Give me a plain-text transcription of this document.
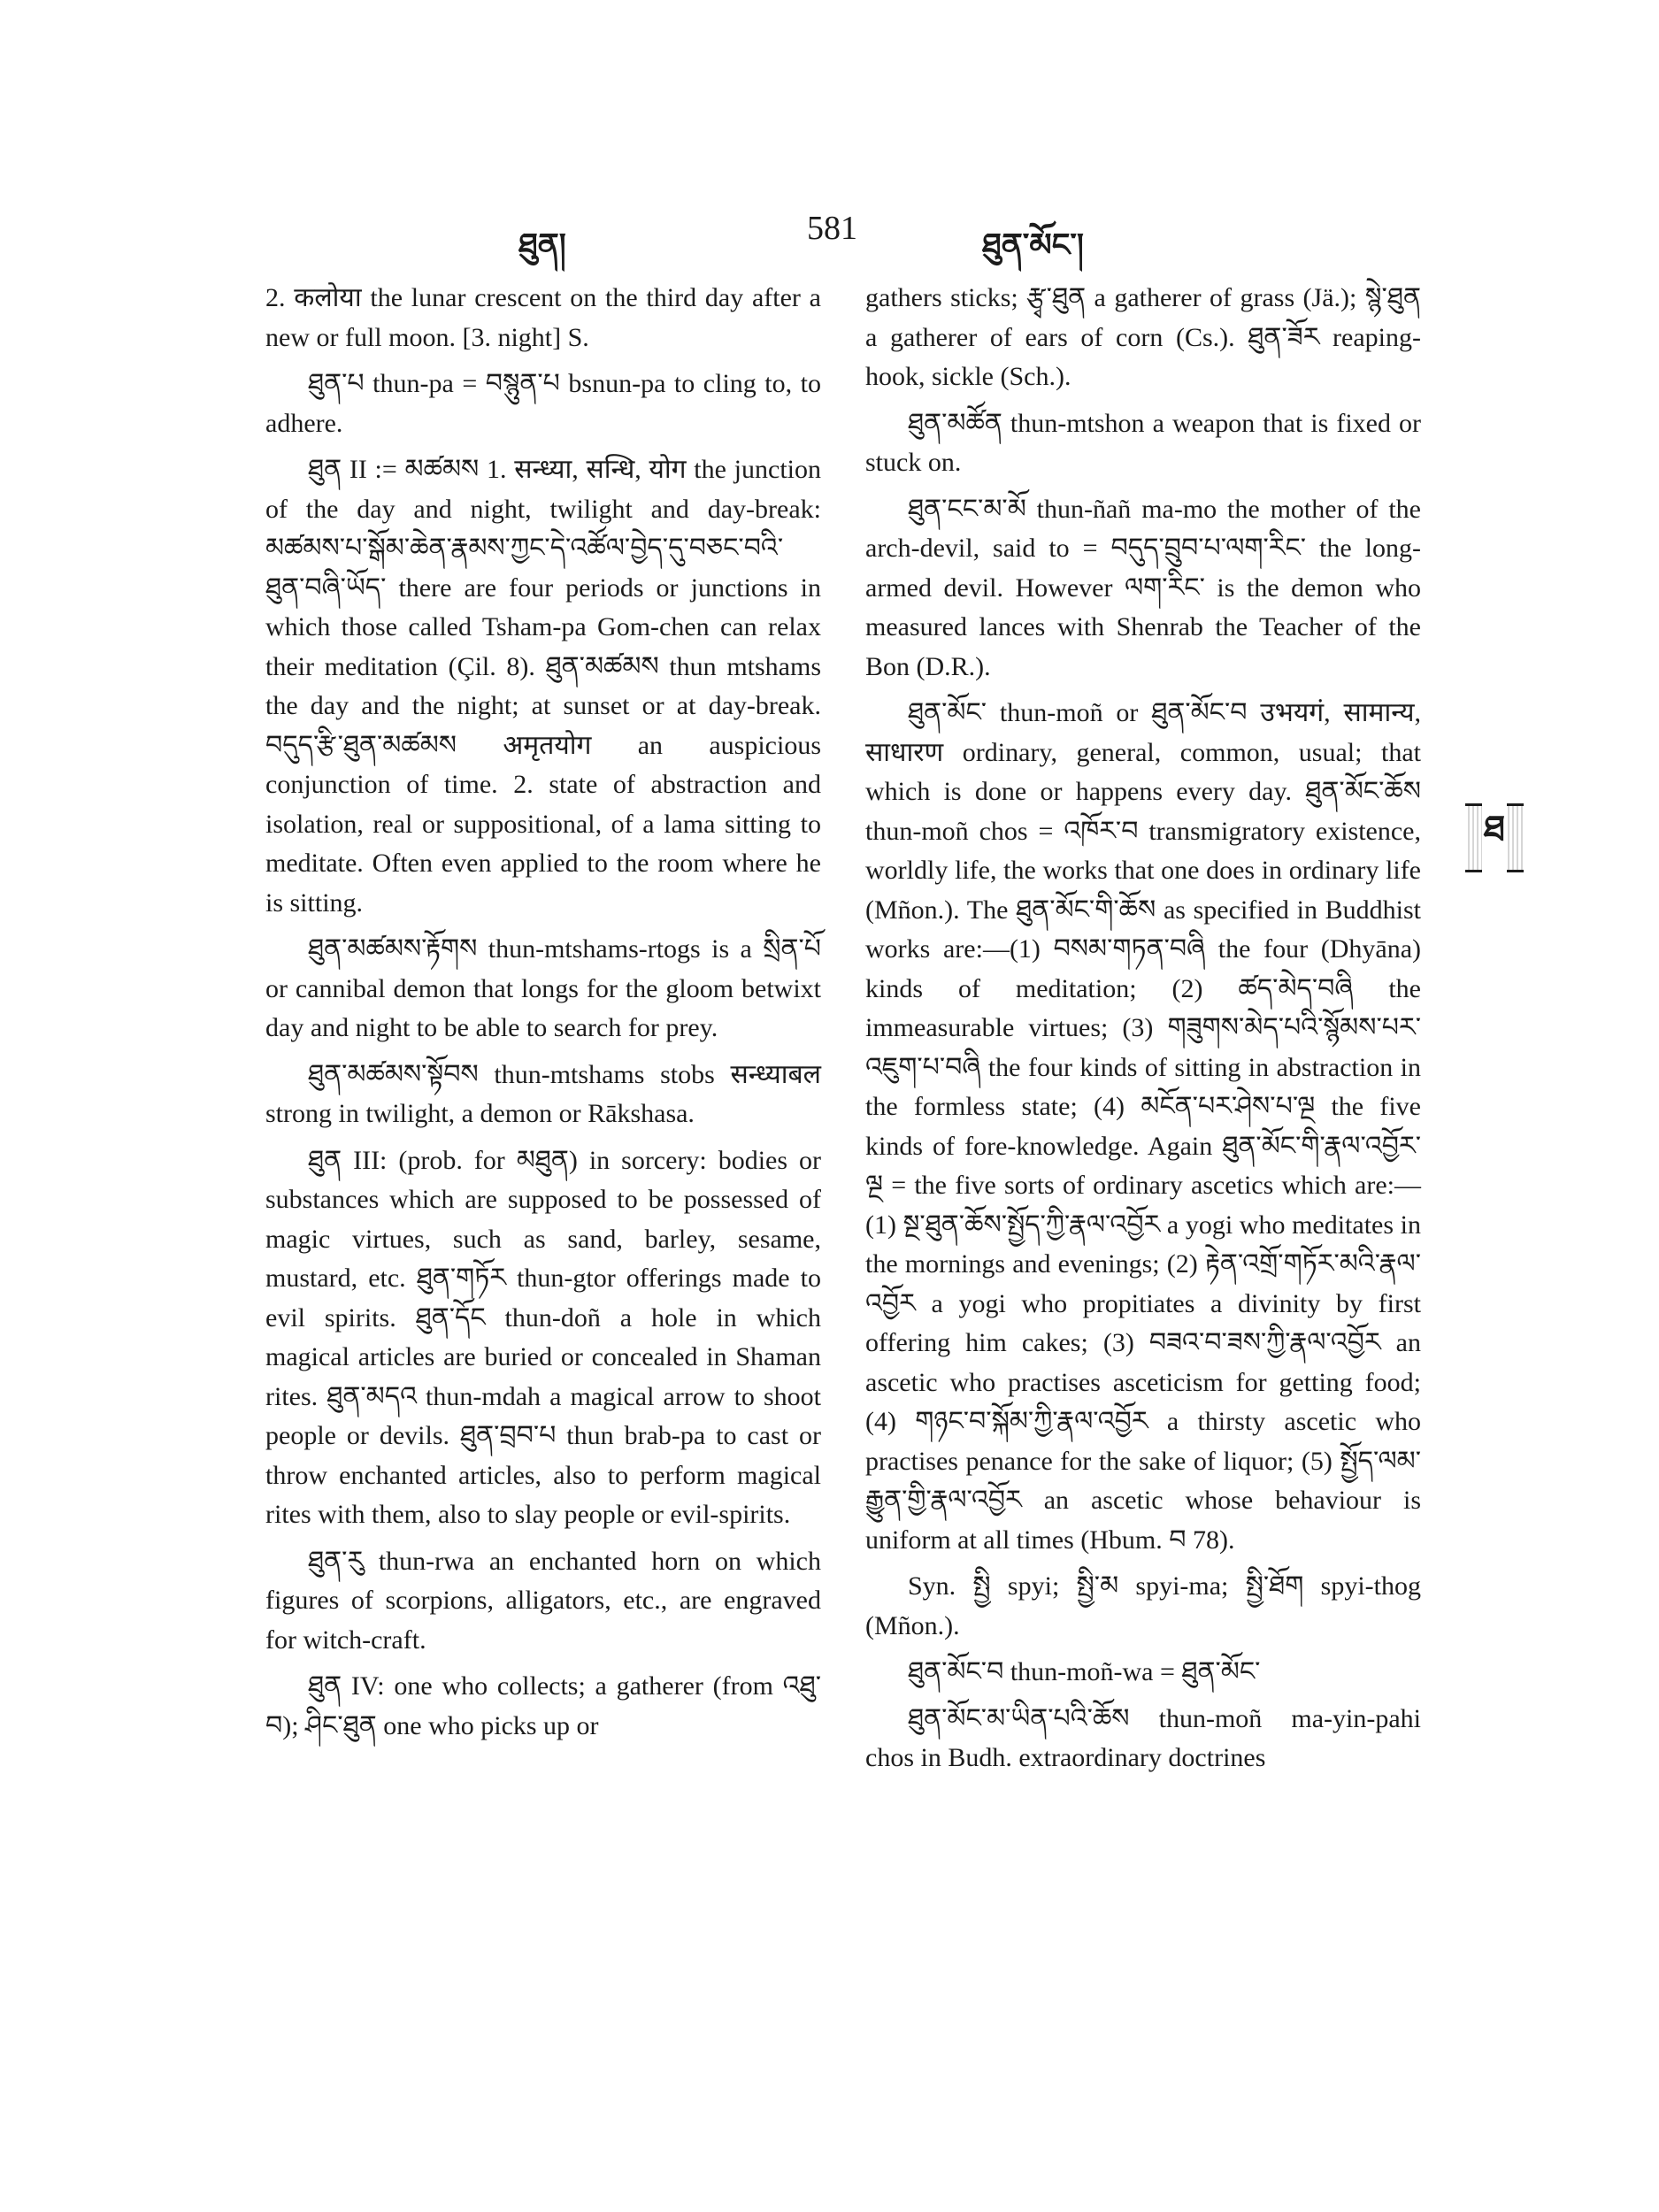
ཐུན།	581	ཐུན་མོང་།

2. कलोया the lunar crescent on the third day after a new or full moon. [3. night] S.

ཐུན་པ thun-pa = བསྙུན་པ bsnun-pa to cling to, to adhere.

ཐུན II := མཚམས 1. सन्ध्या, सन्धि, योग the junction of the day and night, twilight and day-break: མཚམས་པ་སྒོམ་ཆེན་རྣམས་ཀྱང་དེ་འཚོལ་བྱེད་དུ་བཅང་བའི་ཐུན་བཞི་ཡོད་ there are four periods or junctions in which those called Tsham-pa Gom-chen can relax their meditation (Çil. 8). ཐུན་མཚམས thun mtshams the day and the night; at sunset or at day-break. བདུད་རྩི་ཐུན་མཚམས अमृतयोग an auspicious conjunction of time. 2. state of abstraction and isolation, real or suppositional, of a lama sitting to meditate. Often even applied to the room where he is sitting.

ཐུན་མཚམས་རྟོགས thun-mtshams-rtogs is a སྲིན་པོ or cannibal demon that longs for the gloom betwixt day and night to be able to search for prey.

ཐུན་མཚམས་སྟོབས thun-mtshams stobs सन्ध्याबल strong in twilight, a demon or Rākshasa.

ཐུན III: (prob. for མཐུན) in sorcery: bodies or substances which are supposed to be possessed of magic virtues, such as sand, barley, sesame, mustard, etc. ཐུན་གཏོར thun-gtor offerings made to evil spirits. ཐུན་དོང thun-doñ a hole in which magical articles are buried or concealed in Shaman rites. ཐུན་མདའ thun-mdah a magical arrow to shoot people or devils. ཐུན་བྲབ་པ thun brab-pa to cast or throw enchanted articles, also to perform magical rites with them, also to slay people or evil-spirits.

ཐུན་རུ thun-rwa an enchanted horn on which figures of scorpions, alligators, etc., are engraved for witch-craft.

ཐུན IV: one who collects; a gatherer (from འཐུ་བ); ཤིང་ཐུན one who picks up or

gathers sticks; རྩྭ་ཐུན a gatherer of grass (Jä.); སྙེ་ཐུན a gatherer of ears of corn (Cs.). ཐུན་ཟོར reaping-hook, sickle (Sch.).

ཐུན་མཚོན thun-mtshon a weapon that is fixed or stuck on.

ཐུན་ངང་མ་མོ thun-ñañ ma-mo the mother of the arch-devil, said to = བདུད་བྲུབ་པ་ལག་རིང་ the long-armed devil. However ལག་རིང་ is the demon who measured lances with Shenrab the Teacher of the Bon (D.R.).

ཐུན་མོང་ thun-moñ or ཐུན་མོང་བ उभयगं, सामान्य, साधारण ordinary, general, common, usual; that which is done or happens every day. ཐུན་མོང་ཆོས thun-moñ chos = འཁོར་བ transmigratory existence, worldly life, the works that one does in ordinary life (Mñon.). The ཐུན་མོང་གི་ཆོས as specified in Buddhist works are:—(1) བསམ་གཏན་བཞི the four (Dhyāna) kinds of meditation; (2) ཚད་མེད་བཞི the immeasurable virtues; (3) གཟུགས་མེད་པའི་སྙོམས་པར་འཇུག་པ་བཞི the four kinds of sitting in abstraction in the formless state; (4) མངོན་པར་ཤེས་པ་ལྔ the five kinds of fore-knowledge. Again ཐུན་མོང་གི་རྣལ་འབྱོར་ལྔ = the five sorts of ordinary ascetics which are:—(1) སྔ་ཐུན་ཆོས་སྤྱོད་ཀྱི་རྣལ་འབྱོར a yogi who meditates in the mornings and evenings; (2) རྟེན་འགྲོ་གཏོར་མའི་རྣལ་འབྱོར a yogi who propitiates a divinity by first offering him cakes; (3) བཟའ་བ་ཟས་ཀྱི་རྣལ་འབྱོར an ascetic who practises asceticism for getting food; (4) གཉང་བ་སྐོམ་ཀྱི་རྣལ་འབྱོར a thirsty ascetic who practises penance for the sake of liquor; (5) སྤྱོད་ལམ་རྒྱུན་གྱི་རྣལ་འབྱོར an ascetic whose behaviour is uniform at all times (Hbum. བ 78).

Syn. སྤྱི spyi; སྤྱི་མ spyi-ma; སྤྱི་ཐོག spyi-thog (Mñon.).

ཐུན་མོང་བ thun-moñ-wa = ཐུན་མོང་

ཐུན་མོང་མ་ཡིན་པའི་ཆོས thun-moñ ma-yin-pahi chos in Budh. extraordinary doctrines

ཐ
